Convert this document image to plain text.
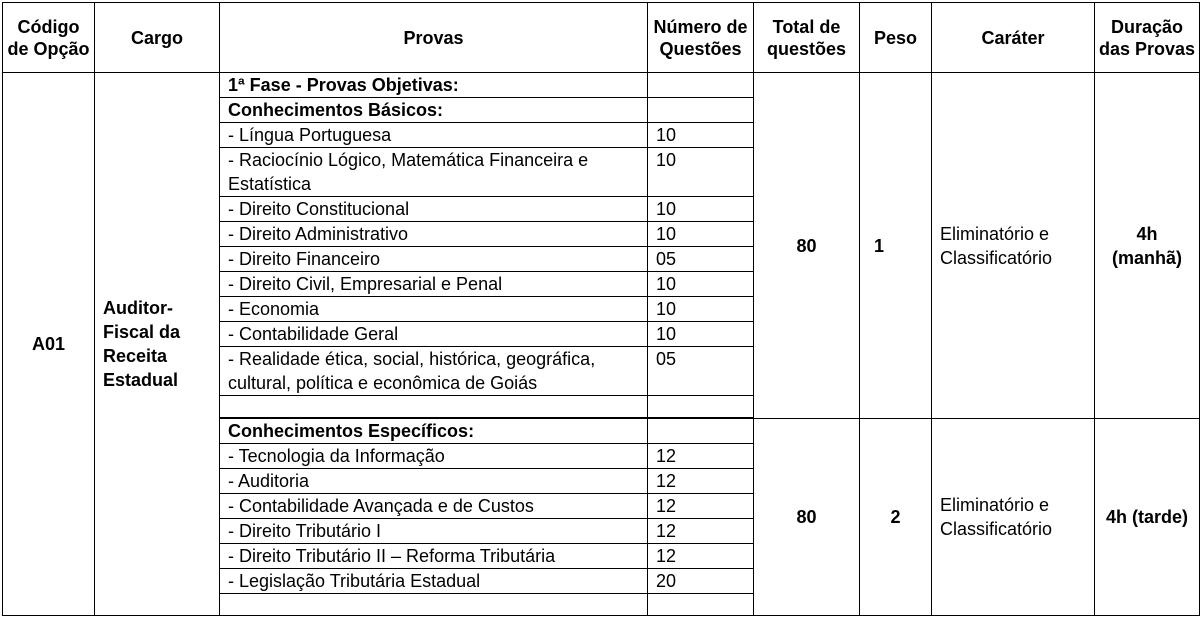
Código de Opção	Cargo	Provas	Número de Questões	Total de questões	Peso	Caráter	Duração das Provas
A01	Auditor-Fiscal da Receita Estadual	1ª Fase - Provas Objetivas:		80	1	Eliminatório e Classificatório	4h (manhã)
		Conhecimentos Básicos:					
		- Língua Portuguesa	10				
		- Raciocínio Lógico, Matemática Financeira e Estatística	10				
		- Direito Constitucional	10				
		- Direito Administrativo	10				
		- Direito Financeiro	05				
		- Direito Civil, Empresarial e Penal	10				
		- Economia	10				
		- Contabilidade Geral	10				
		- Realidade ética, social, histórica, geográfica, cultural, política e econômica de Goiás	05				

		Conhecimentos Específicos:		80	2	Eliminatório e Classificatório	4h (tarde)
		- Tecnologia da Informação	12				
		- Auditoria	12				
		- Contabilidade Avançada e de Custos	12				
		- Direito Tributário I	12				
		- Direito Tributário II – Reforma Tributária	12				
		- Legislação Tributária Estadual	20				
